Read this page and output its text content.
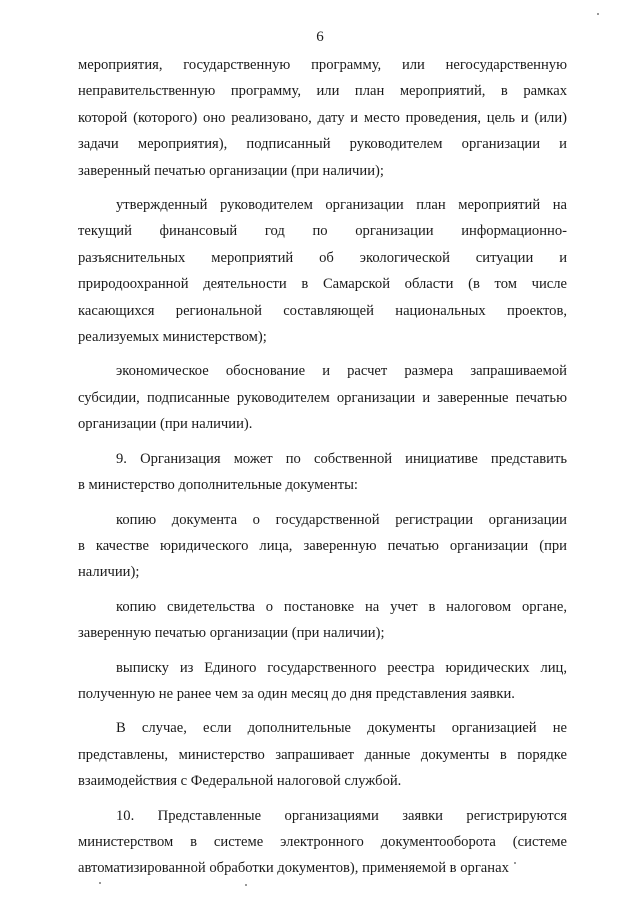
6
мероприятия, государственную программу, или негосударственную
неправительственную программу, или план мероприятий, в рамках
которой (которого) оно реализовано, дату и место проведения, цель и (или)
задачи мероприятия), подписанный руководителем организации и
заверенный печатью организации (при наличии);
утвержденный руководителем организации план мероприятий на
текущий финансовый год по организации информационно-
разъяснительных мероприятий об экологической ситуации и
природоохранной деятельности в Самарской области (в том числе
касающихся региональной составляющей национальных проектов,
реализуемых министерством);
экономическое обоснование и расчет размера запрашиваемой
субсидии, подписанные руководителем организации и заверенные печатью
организации (при наличии).
9. Организация может по собственной инициативе представить
в министерство дополнительные документы:
копию документа о государственной регистрации организации
в качестве юридического лица, заверенную печатью организации (при
наличии);
копию свидетельства о постановке на учет в налоговом органе,
заверенную печатью организации (при наличии);
выписку из Единого государственного реестра юридических лиц,
полученную не ранее чем за один месяц до дня представления заявки.
В случае, если дополнительные документы организацией не
представлены, министерство запрашивает данные документы в порядке
взаимодействия с Федеральной налоговой службой.
10. Представленные организациями заявки регистрируются
министерством в системе электронного документооборота (системе
автоматизированной обработки документов), применяемой в органах
